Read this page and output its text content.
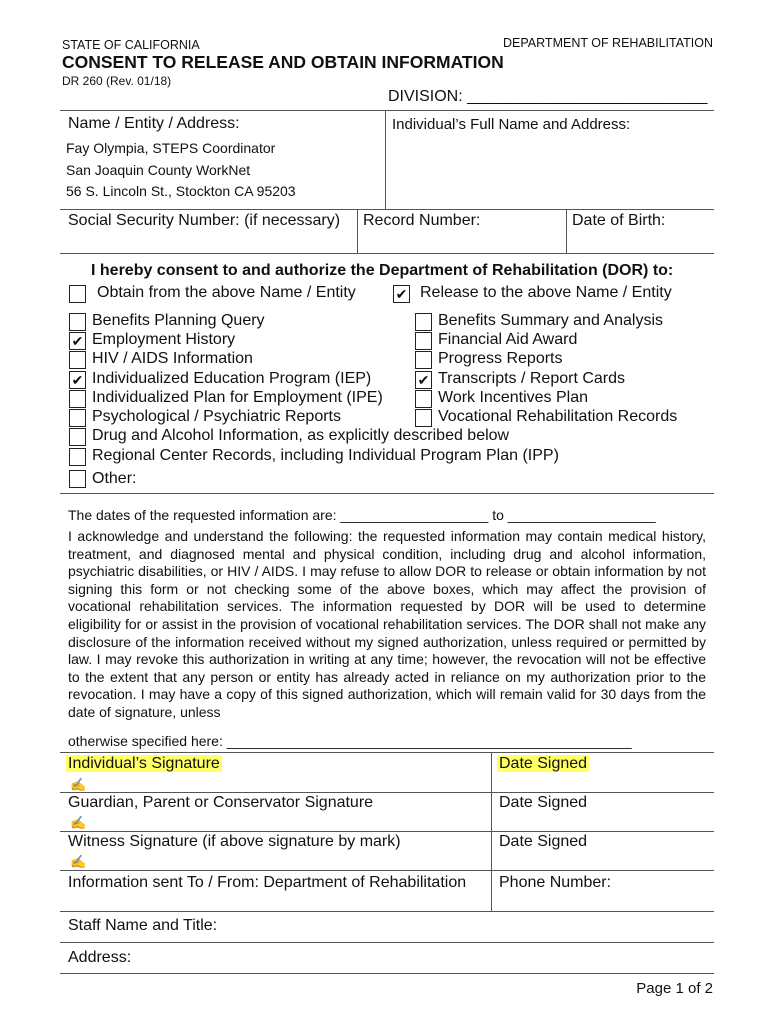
STATE OF CALIFORNIA	DEPARTMENT OF REHABILITATION
CONSENT TO RELEASE AND OBTAIN INFORMATION
DR 260 (Rev. 01/18)
DIVISION: ___________________________
Name / Entity / Address:
Fay Olympia, STEPS Coordinator
San Joaquin County WorkNet
56 S. Lincoln St., Stockton CA 95203
Individual’s Full Name and Address:
Social Security Number: (if necessary) Record Number:	Date of Birth:
I hereby consent to and authorize the Department of Rehabilitation (DOR) to:
Obtain from the above Name / Entity	✔ Release to the above Name / Entity
Benefits Planning Query
✔ Employment History
HIV / AIDS Information
✔ Individualized Education Program (IEP)
Individualized Plan for Employment (IPE)
Psychological / Psychiatric Reports
Drug and Alcohol Information, as explicitly described below
Regional Center Records, including Individual Program Plan (IPP)
Other:
Benefits Summary and Analysis
Financial Aid Award
Progress Reports
✔ Transcripts / Report Cards
Work Incentives Plan
Vocational Rehabilitation Records
The dates of the requested information are: ___________________ to ___________________
I acknowledge and understand the following: the requested information may contain medical history, treatment, and diagnosed mental and physical condition, including drug and alcohol information, psychiatric disabilities, or HIV / AIDS. I may refuse to allow DOR to release or obtain information by not signing this form or not checking some of the above boxes, which may affect the provision of vocational rehabilitation services. The information requested by DOR will be used to determine eligibility for or assist in the provision of vocational rehabilitation services. The DOR shall not make any disclosure of the information received without my signed authorization, unless required or permitted by law. I may revoke this authorization in writing at any time; however, the revocation will not be effective to the extent that any person or entity has already acted in reliance on my authorization prior to the revocation. I may have a copy of this signed authorization, which will remain valid for 30 days from the date of signature, unless
otherwise specified here: ____________________________________________________
Individual’s Signature	Date Signed
✍
Guardian, Parent or Conservator Signature	Date Signed
✍
Witness Signature (if above signature by mark)	Date Signed
✍
Information sent To / From: Department of Rehabilitation Phone Number:
Staff Name and Title:
Address:
Page 1 of 2
